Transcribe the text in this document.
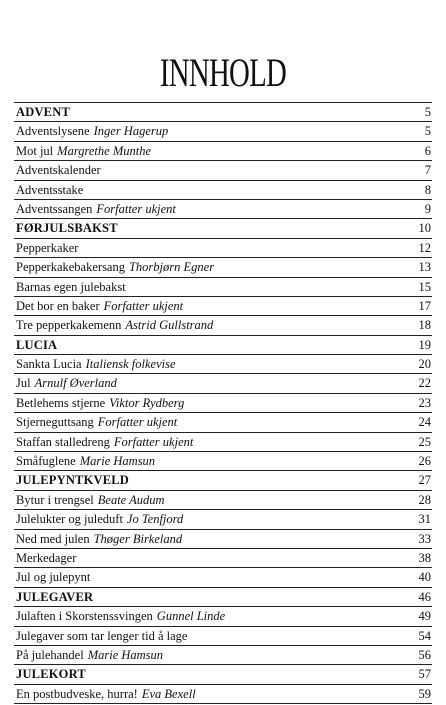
INNHOLD
ADVENT	5
Adventslysene Inger Hagerup	5
Mot jul Margrethe Munthe	6
Adventskalender	7
Adventsstake	8
Adventssangen Forfatter ukjent	9
FØRJULSBAKST	10
Pepperkaker	12
Pepperkakebakersang Thorbjørn Egner	13
Barnas egen julebakst	15
Det bor en baker Forfatter ukjent	17
Tre pepperkakemenn Astrid Gullstrand	18
LUCIA	19
Sankta Lucia Italiensk folkevise	20
Jul Arnulf Øverland	22
Betlehems stjerne Viktor Rydberg	23
Stjerneguttsang Forfatter ukjent	24
Staffan stalledreng Forfatter ukjent	25
Småfuglene Marie Hamsun	26
JULEPYNTKVELD	27
Bytur i trengsel Beate Audum	28
Julelukter og juleduft Jo Tenfjord	31
Ned med julen Thøger Birkeland	33
Merkedager	38
Jul og julepynt	40
JULEGAVER	46
Julaften i Skorstenssvingen Gunnel Linde	49
Julegaver som tar lenger tid å lage	54
På julehandel Marie Hamsun	56
JULEKORT	57
En postbudveske, hurra! Eva Bexell	59
